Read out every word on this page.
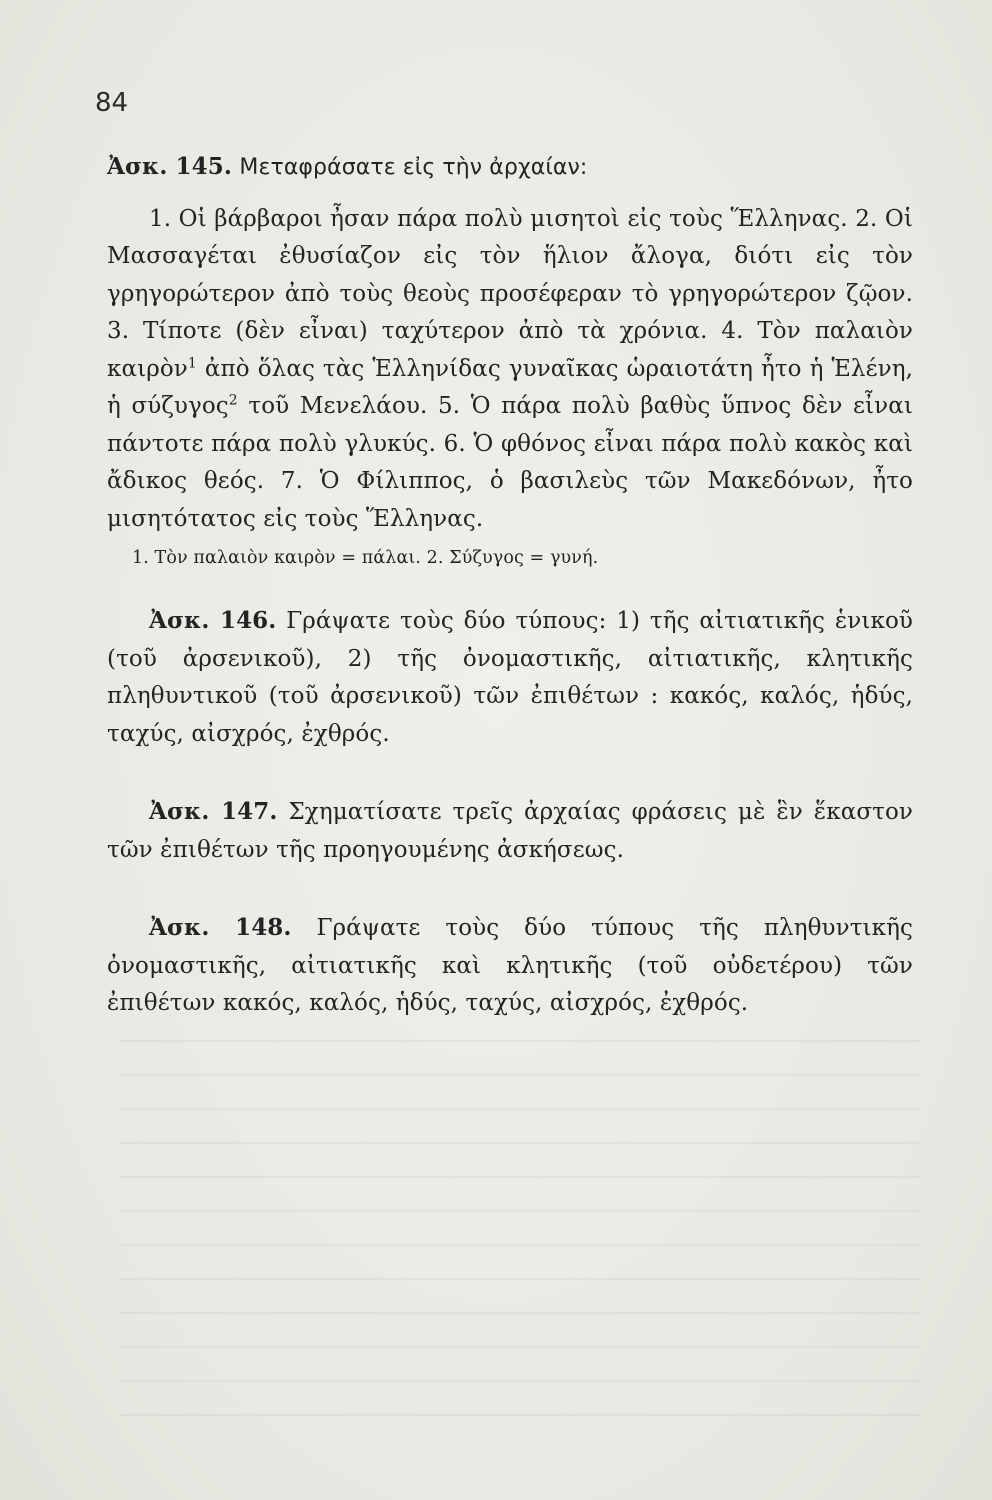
84

Ἀσκ. 145. Μεταφράσατε εἰς τὴν ἀρχαίαν:

1. Οἱ βάρβαροι ἦσαν πάρα πολὺ μισητοὶ εἰς τοὺς Ἕλληνας. 2. Οἱ Μασσαγέται ἐθυσίαζον εἰς τὸν ἥλιον ἄλογα, διότι εἰς τὸν γρηγορώτερον ἀπὸ τοὺς θεοὺς προσέφεραν τὸ γρηγορώτερον ζῷον. 3. Τίποτε (δὲν εἶναι) ταχύτερον ἀπὸ τὰ χρόνια. 4. Τὸν παλαιὸν καιρὸν$^1$ ἀπὸ ὅλας τὰς Ἑλληνίδας γυναῖκας ὡραιοτάτη ἦτο ἡ Ἑλένη, ἡ σύζυγος$^2$ τοῦ Μενελάου. 5. Ὁ πάρα πολὺ βαθὺς ὕπνος δὲν εἶναι πάντοτε πάρα πολὺ γλυκύς. 6. Ὁ φθόνος εἶναι πάρα πολὺ κακὸς καὶ ἄδικος θεός. 7. Ὁ Φίλιππος, ὁ βασιλεὺς τῶν Μακεδόνων, ἦτο μισητότατος εἰς τοὺς Ἕλληνας.

1. Τὸν παλαιὸν καιρὸν = πάλαι. 2. Σύζυγος = γυνή.

Ἀσκ. 146. Γράψατε τοὺς δύο τύπους: 1) τῆς αἰτιατικῆς ἑνικοῦ (τοῦ ἀρσενικοῦ), 2) τῆς ὀνομαστικῆς, αἰτιατικῆς, κλητικῆς πληθυντικοῦ (τοῦ ἀρσενικοῦ) τῶν ἐπιθέτων : κακός, καλός, ἡδύς, ταχύς, αἰσχρός, ἐχθρός.

Ἀσκ. 147. Σχηματίσατε τρεῖς ἀρχαίας φράσεις μὲ ἓν ἕκαστον τῶν ἐπιθέτων τῆς προηγουμένης ἀσκήσεως.

Ἀσκ. 148. Γράψατε τοὺς δύο τύπους τῆς πληθυντικῆς ὀνομαστικῆς, αἰτιατικῆς καὶ κλητικῆς (τοῦ οὐδετέρου) τῶν ἐπιθέτων κακός, καλός, ἡδύς, ταχύς, αἰσχρός, ἐχθρός.
